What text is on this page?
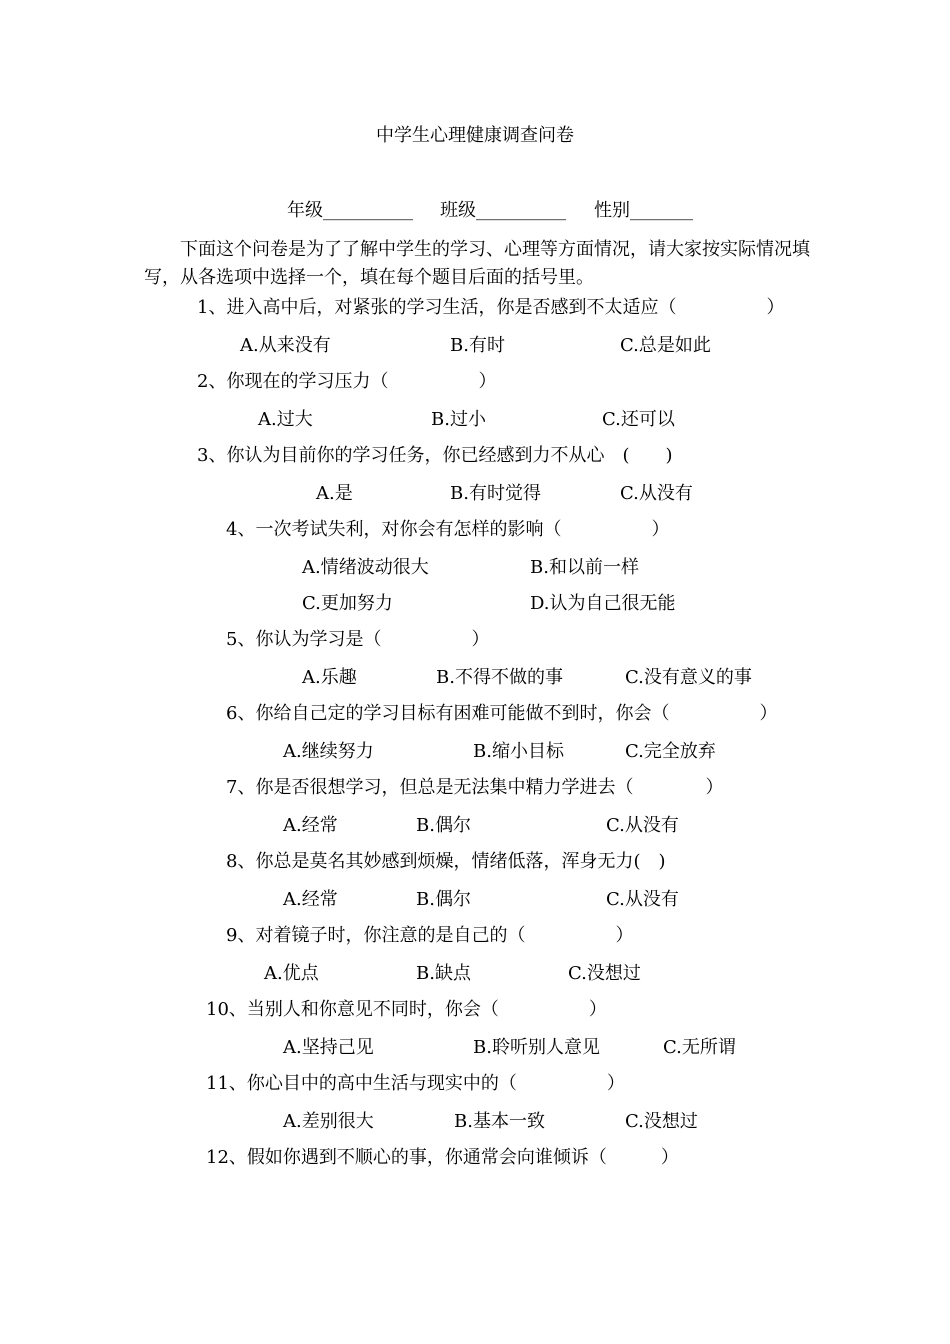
中学生心理健康调查问卷
年级__________ 班级__________ 性别_______
下面这个问卷是为了了解中学生的学习、心理等方面情况，请大家按实际情况填写，从各选项中选择一个，填在每个题目后面的括号里。
1、进入高中后，对紧张的学习生活，你是否感到不太适应（　　　　　）
A.从来没有	B.有时	C.总是如此
2、你现在的学习压力（　　　　　）
A.过大	B.过小	C.还可以
3、你认为目前你的学习任务，你已经感到力不从心　(　　)
A.是	B.有时觉得	C.从没有
4、一次考试失利，对你会有怎样的影响（　　　　　）
A.情绪波动很大	B.和以前一样
C.更加努力	D.认为自己很无能
5、你认为学习是（　　　　　）
A.乐趣	B.不得不做的事	C.没有意义的事
6、你给自己定的学习目标有困难可能做不到时，你会（　　　　　）
A.继续努力	B.缩小目标	C.完全放弃
7、你是否很想学习，但总是无法集中精力学进去（　　　　）
A.经常	B.偶尔	C.从没有
8、你总是莫名其妙感到烦燥，情绪低落，浑身无力(　)
A.经常	B.偶尔	C.从没有
9、对着镜子时，你注意的是自己的（　　　　　）
A.优点	B.缺点	C.没想过
10、当别人和你意见不同时，你会（　　　　　）
A.坚持己见	B.聆听别人意见	C.无所谓
11、你心目中的高中生活与现实中的（　　　　　）
A.差别很大	B.基本一致	C.没想过
12、假如你遇到不顺心的事，你通常会向谁倾诉（　　　）
